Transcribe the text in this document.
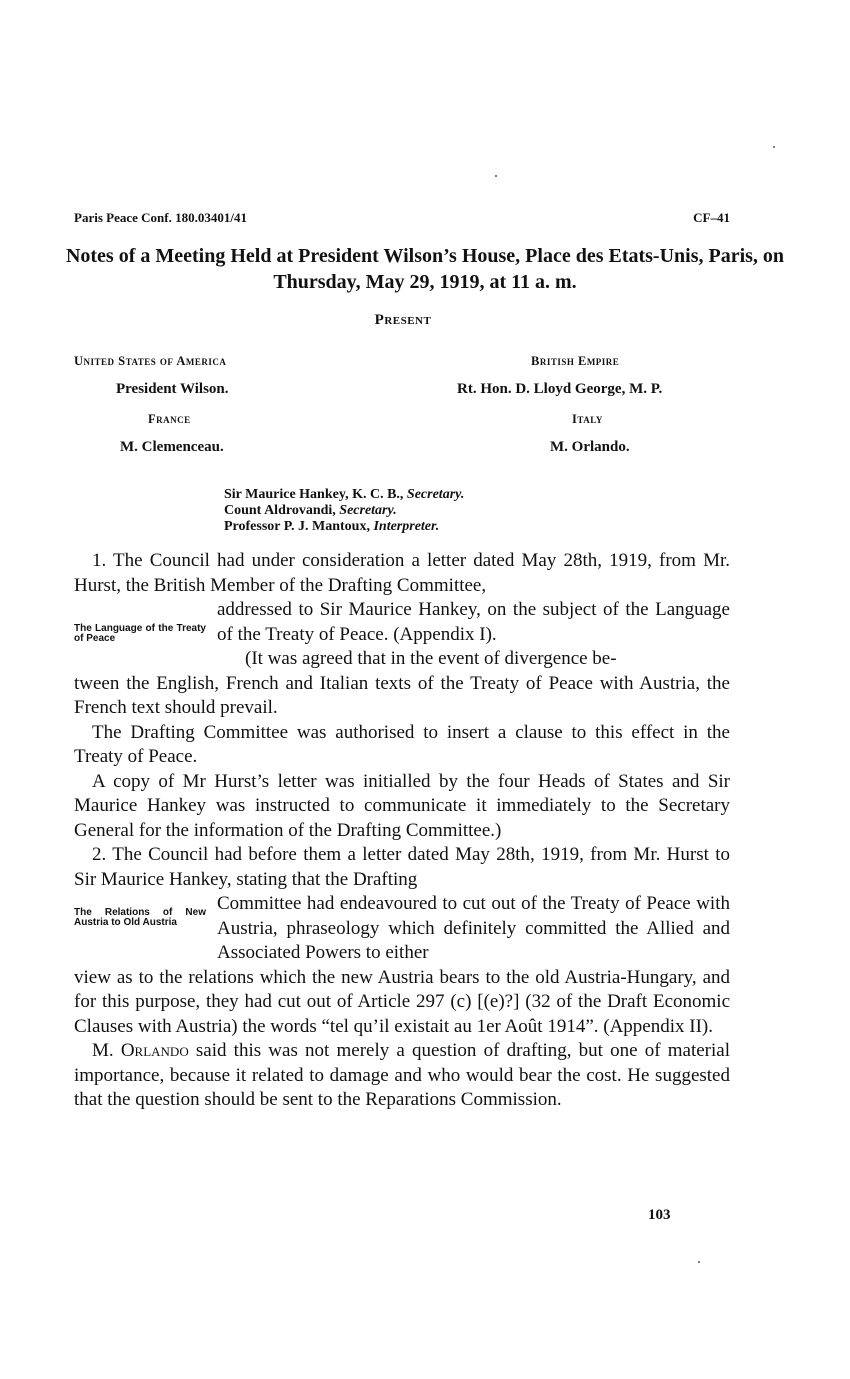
Paris Peace Conf. 180.03401/41	CF–41
Notes of a Meeting Held at President Wilson’s House, Place des Etats-Unis, Paris, on Thursday, May 29, 1919, at 11 a. m.
Present
United States of America
President Wilson.
British Empire
Rt. Hon. D. Lloyd George, M. P.
France
M. Clemenceau.
Italy
M. Orlando.
Sir Maurice Hankey, K. C. B., Secretary.
Count Aldrovandi, Secretary.
Professor P. J. Mantoux, Interpreter.

1. The Council had under consideration a letter dated May 28th, 1919, from Mr. Hurst, the British Member of the Drafting Committee,

The Language of the Treaty of Peace

addressed to Sir Maurice Hankey, on the subject of the Language of the Treaty of Peace. (Appendix I).

(It was agreed that in the event of divergence be-

tween the English, French and Italian texts of the Treaty of Peace with Austria, the French text should prevail.

The Drafting Committee was authorised to insert a clause to this effect in the Treaty of Peace.

A copy of Mr Hurst’s letter was initialled by the four Heads of States and Sir Maurice Hankey was instructed to communicate it immediately to the Secretary General for the information of the Drafting Committee.)

2. The Council had before them a letter dated May 28th, 1919, from Mr. Hurst to Sir Maurice Hankey, stating that the Drafting

The Relations of New Austria to Old Austria

Committee had endeavoured to cut out of the Treaty of Peace with Austria, phraseology which definitely committed the Allied and Associated Powers to either

view as to the relations which the new Austria bears to the old Austria-Hungary, and for this purpose, they had cut out of Article 297 (c) [(e)?] (32 of the Draft Economic Clauses with Austria) the words “tel qu’il existait au 1er Août 1914”. (Appendix II).

M. Orlando said this was not merely a question of drafting, but one of material importance, because it related to damage and who would bear the cost. He suggested that the question should be sent to the Reparations Commission.

103
